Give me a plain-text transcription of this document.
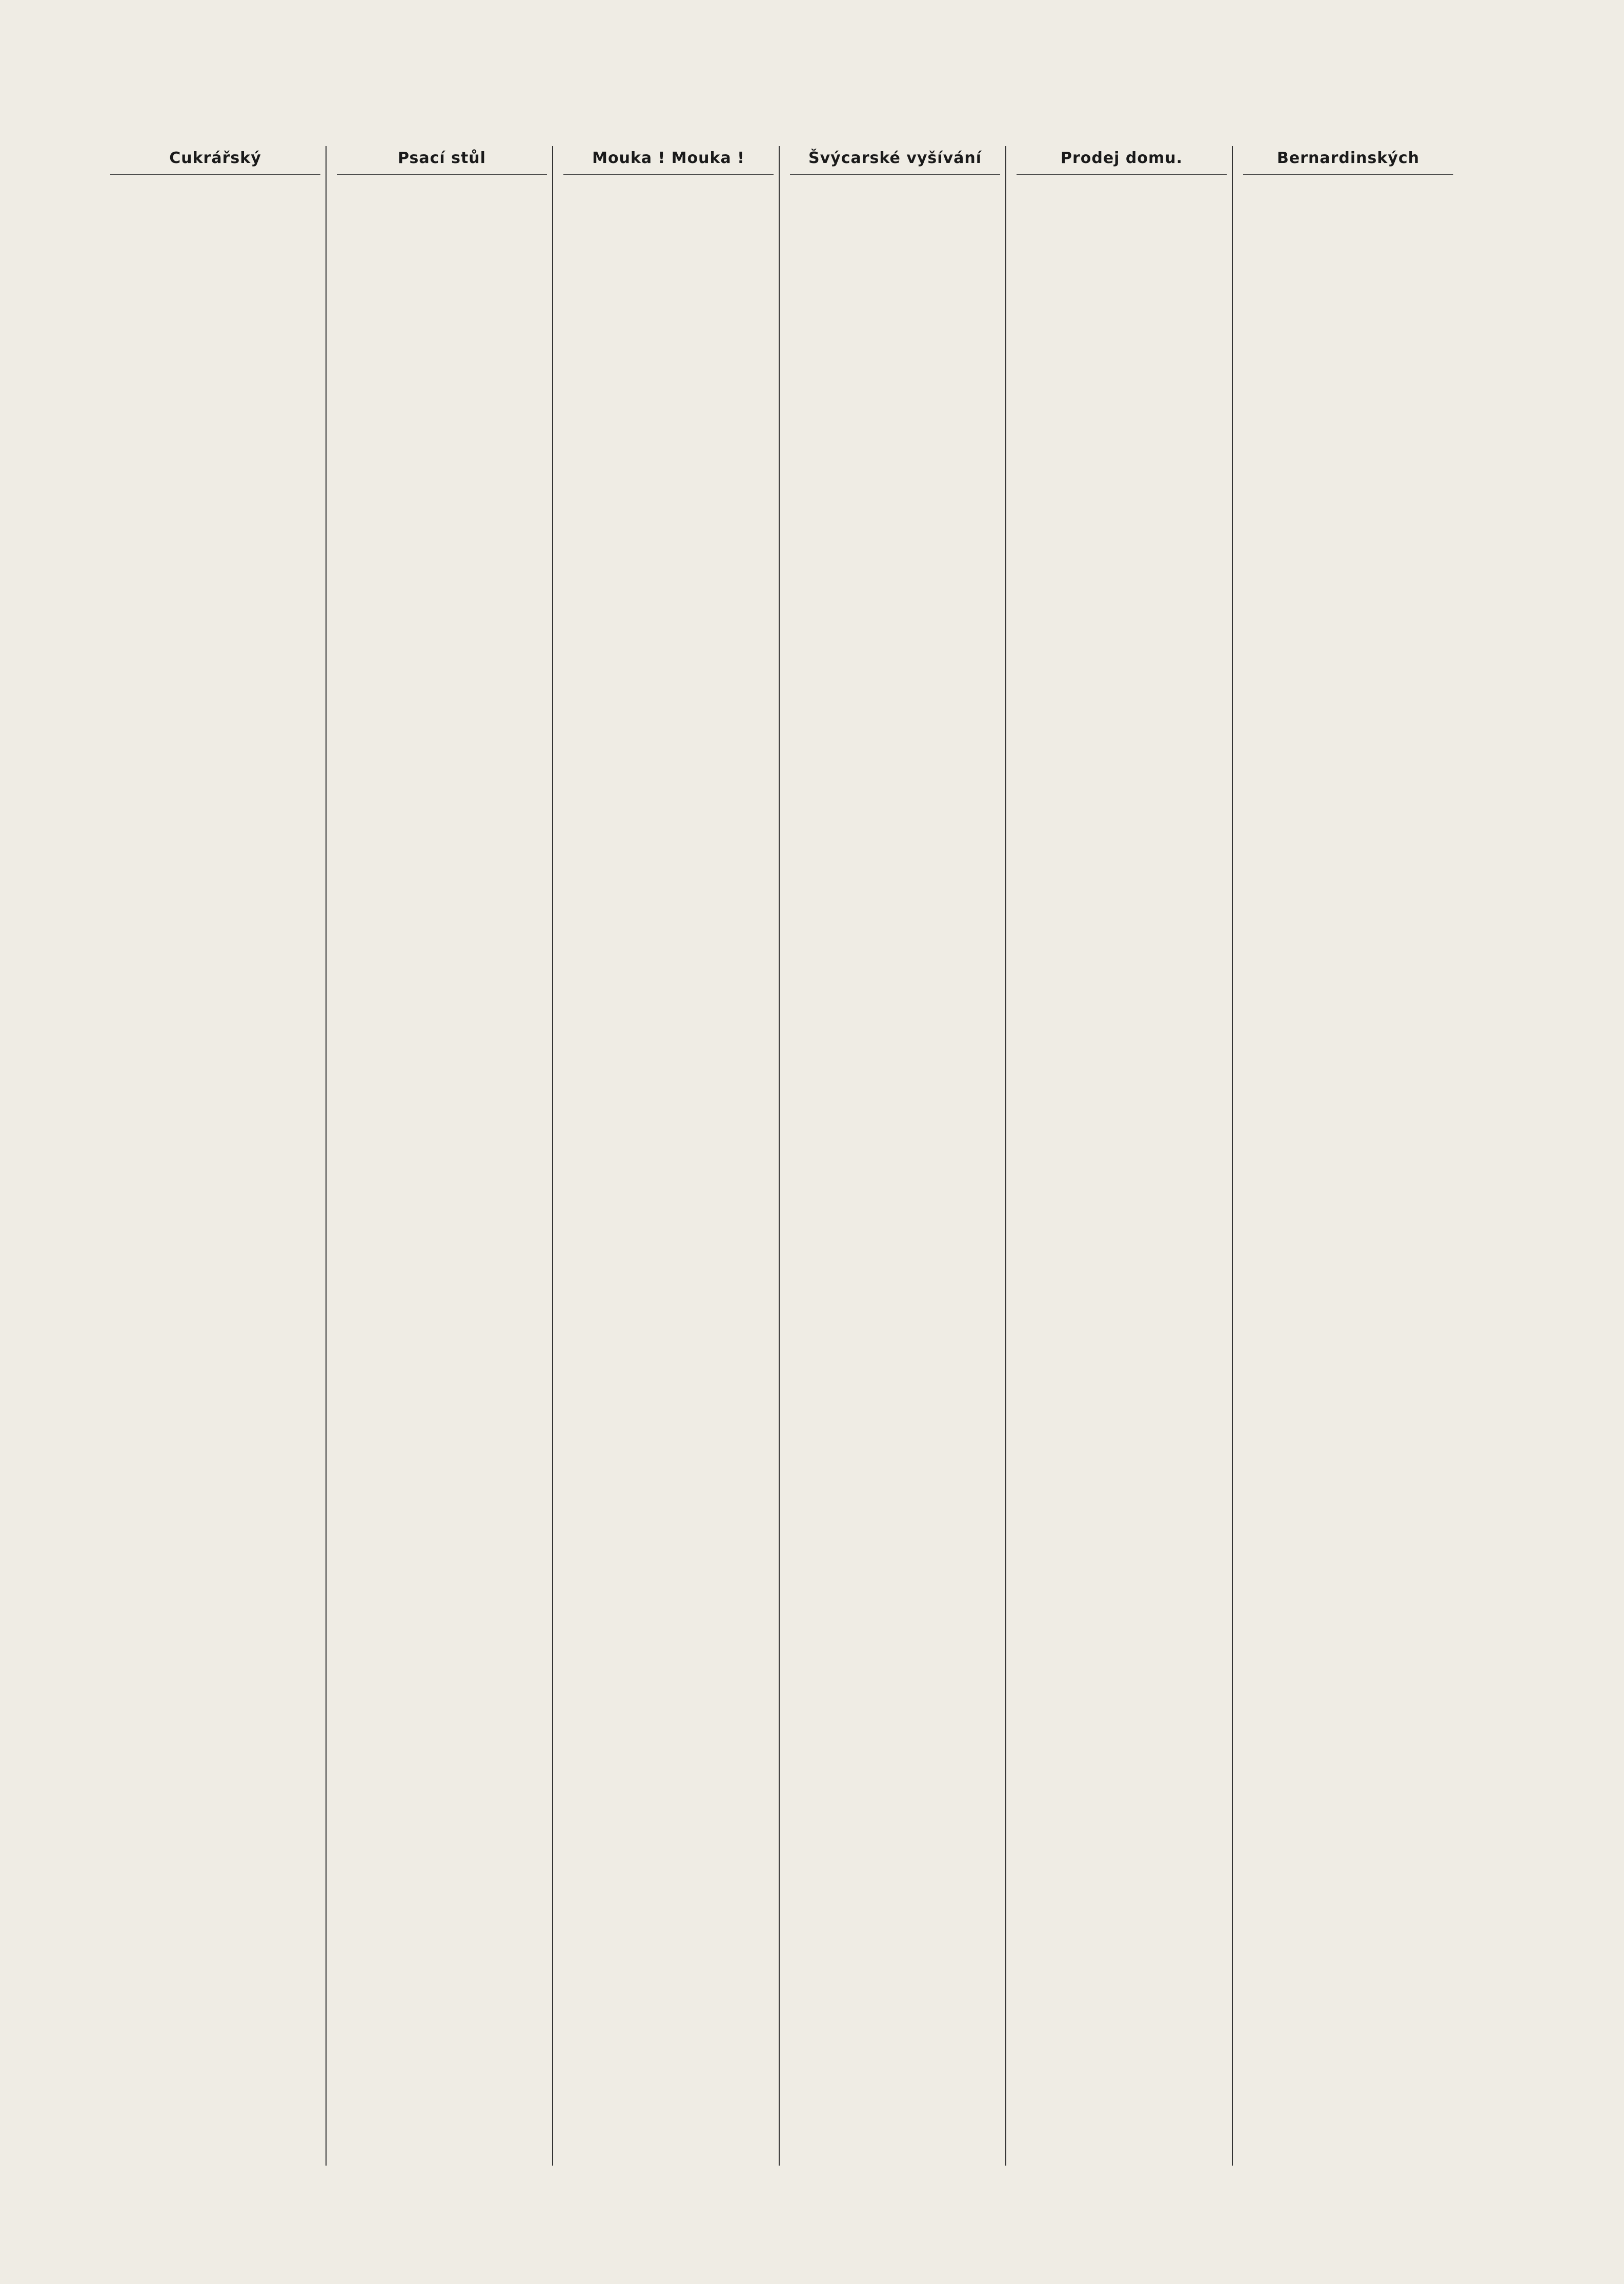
Cukrářský	Psací stůl	Mouka ! Mouka !	Švýcarské vyšívání	Prodej domu.	Bernardinských
